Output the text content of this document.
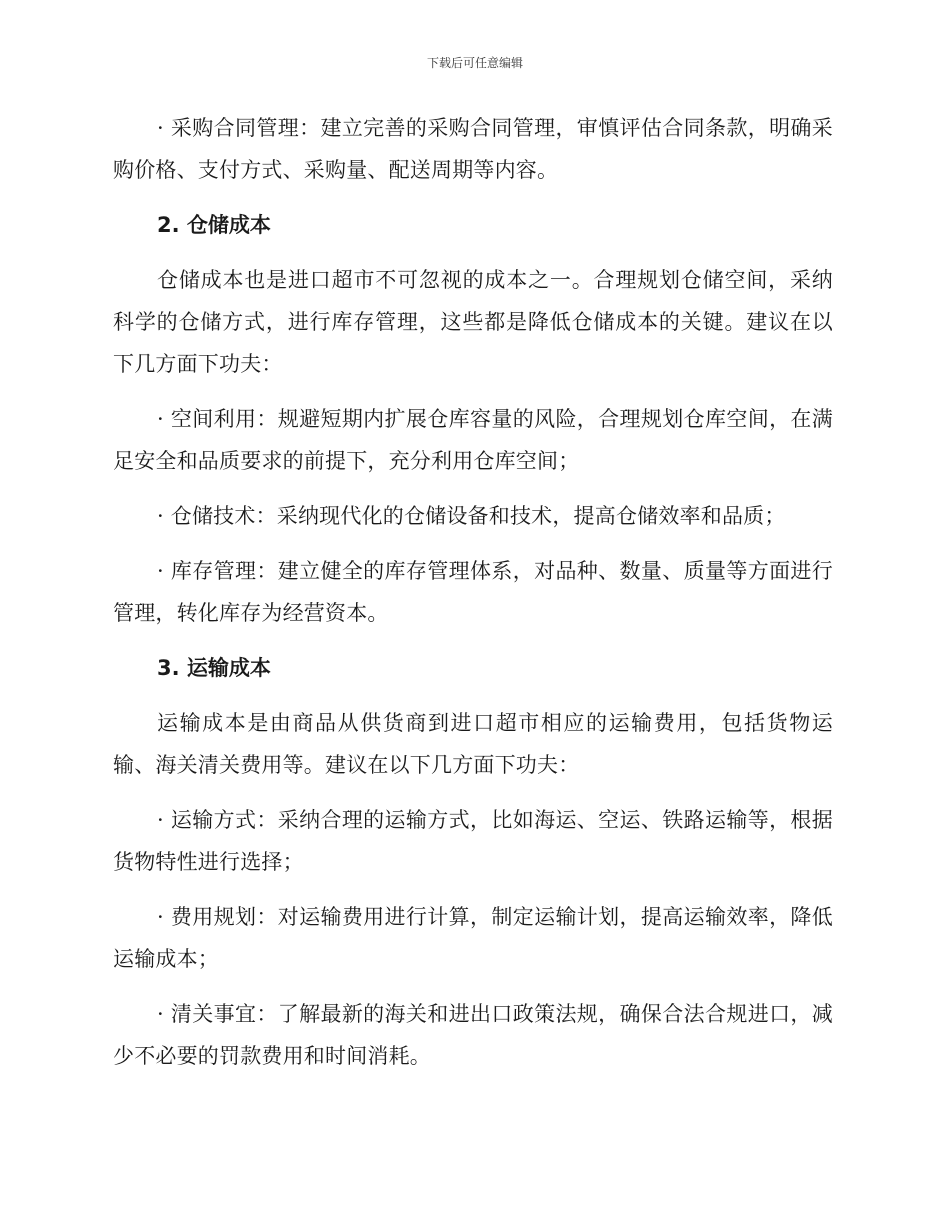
下载后可任意编辑

· 采购合同管理：建立完善的采购合同管理，审慎评估合同条款，明确采购价格、支付方式、采购量、配送周期等内容。

2. 仓储成本

仓储成本也是进口超市不可忽视的成本之一。合理规划仓储空间，采纳科学的仓储方式，进行库存管理，这些都是降低仓储成本的关键。建议在以下几方面下功夫：

· 空间利用：规避短期内扩展仓库容量的风险，合理规划仓库空间，在满足安全和品质要求的前提下，充分利用仓库空间；

· 仓储技术：采纳现代化的仓储设备和技术，提高仓储效率和品质；

· 库存管理：建立健全的库存管理体系，对品种、数量、质量等方面进行管理，转化库存为经营资本。

3. 运输成本

运输成本是由商品从供货商到进口超市相应的运输费用，包括货物运输、海关清关费用等。建议在以下几方面下功夫：

· 运输方式：采纳合理的运输方式，比如海运、空运、铁路运输等，根据货物特性进行选择；

· 费用规划：对运输费用进行计算，制定运输计划，提高运输效率，降低运输成本；

· 清关事宜：了解最新的海关和进出口政策法规，确保合法合规进口，减少不必要的罚款费用和时间消耗。
